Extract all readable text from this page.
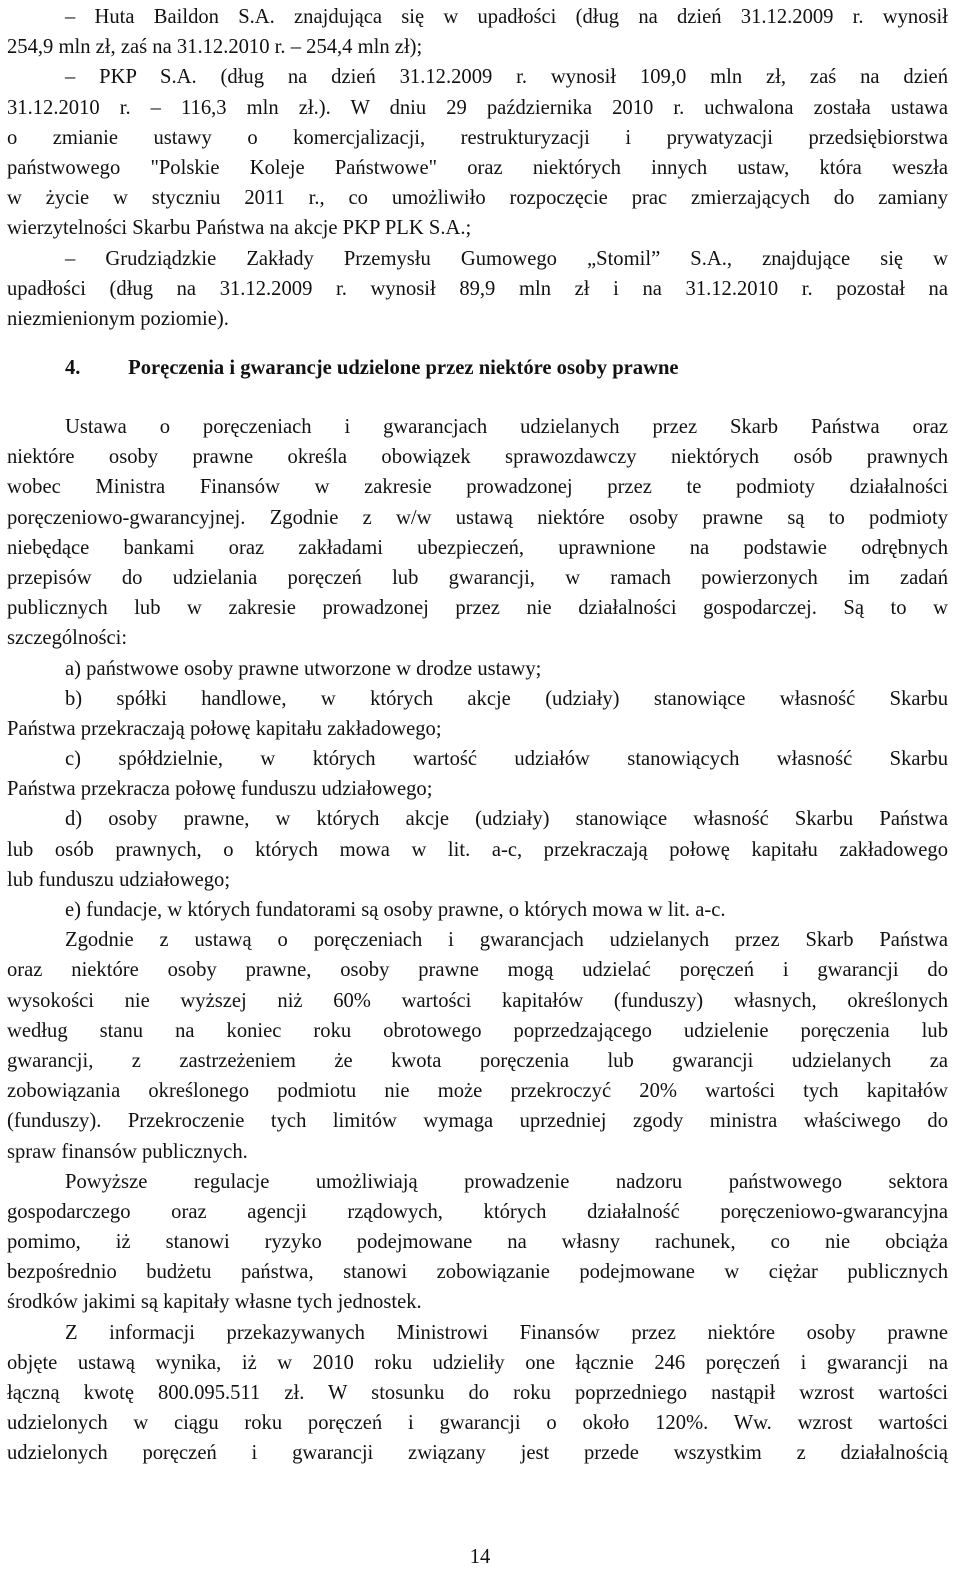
– Huta Baildon S.A. znajdująca się w upadłości (dług na dzień 31.12.2009 r. wynosił
254,9 mln zł, zaś na 31.12.2010 r. – 254,4 mln zł);
– PKP S.A. (dług na dzień 31.12.2009 r. wynosił 109,0 mln zł, zaś na dzień
31.12.2010 r. – 116,3 mln zł.). W dniu 29 października 2010 r. uchwalona została ustawa
o zmianie ustawy o komercjalizacji, restrukturyzacji i prywatyzacji przedsiębiorstwa
państwowego "Polskie Koleje Państwowe" oraz niektórych innych ustaw, która weszła
w życie w styczniu 2011 r., co umożliwiło rozpoczęcie prac zmierzających do zamiany
wierzytelności Skarbu Państwa na akcje PKP PLK S.A.;
– Grudziądzkie Zakłady Przemysłu Gumowego „Stomil” S.A., znajdujące się w
upadłości (dług na 31.12.2009 r. wynosił 89,9 mln zł i na 31.12.2010 r. pozostał na
niezmienionym poziomie).
4. Poręczenia i gwarancje udzielone przez niektóre osoby prawne
Ustawa o poręczeniach i gwarancjach udzielanych przez Skarb Państwa oraz
niektóre osoby prawne określa obowiązek sprawozdawczy niektórych osób prawnych
wobec Ministra Finansów w zakresie prowadzonej przez te podmioty działalności
poręczeniowo-gwarancyjnej. Zgodnie z w/w ustawą niektóre osoby prawne są to podmioty
niebędące bankami oraz zakładami ubezpieczeń, uprawnione na podstawie odrębnych
przepisów do udzielania poręczeń lub gwarancji, w ramach powierzonych im zadań
publicznych lub w zakresie prowadzonej przez nie działalności gospodarczej. Są to w
szczególności:
a) państwowe osoby prawne utworzone w drodze ustawy;
b) spółki handlowe, w których akcje (udziały) stanowiące własność Skarbu
Państwa przekraczają połowę kapitału zakładowego;
c) spółdzielnie, w których wartość udziałów stanowiących własność Skarbu
Państwa przekracza połowę funduszu udziałowego;
d) osoby prawne, w których akcje (udziały) stanowiące własność Skarbu Państwa
lub osób prawnych, o których mowa w lit. a-c, przekraczają połowę kapitału zakładowego
lub funduszu udziałowego;
e) fundacje, w których fundatorami są osoby prawne, o których mowa w lit. a-c.
Zgodnie z ustawą o poręczeniach i gwarancjach udzielanych przez Skarb Państwa
oraz niektóre osoby prawne, osoby prawne mogą udzielać poręczeń i gwarancji do
wysokości nie wyższej niż 60% wartości kapitałów (funduszy) własnych, określonych
według stanu na koniec roku obrotowego poprzedzającego udzielenie poręczenia lub
gwarancji, z zastrzeżeniem że kwota poręczenia lub gwarancji udzielanych za
zobowiązania określonego podmiotu nie może przekroczyć 20% wartości tych kapitałów
(funduszy). Przekroczenie tych limitów wymaga uprzedniej zgody ministra właściwego do
spraw finansów publicznych.
Powyższe regulacje umożliwiają prowadzenie nadzoru państwowego sektora
gospodarczego oraz agencji rządowych, których działalność poręczeniowo-gwarancyjna
pomimo, iż stanowi ryzyko podejmowane na własny rachunek, co nie obciąża
bezpośrednio budżetu państwa, stanowi zobowiązanie podejmowane w ciężar publicznych
środków jakimi są kapitały własne tych jednostek.
Z informacji przekazywanych Ministrowi Finansów przez niektóre osoby prawne
objęte ustawą wynika, iż w 2010 roku udzieliły one łącznie 246 poręczeń i gwarancji na
łączną kwotę 800.095.511 zł. W stosunku do roku poprzedniego nastąpił wzrost wartości
udzielonych w ciągu roku poręczeń i gwarancji o około 120%. Ww. wzrost wartości
udzielonych poręczeń i gwarancji związany jest przede wszystkim z działalnością
14
